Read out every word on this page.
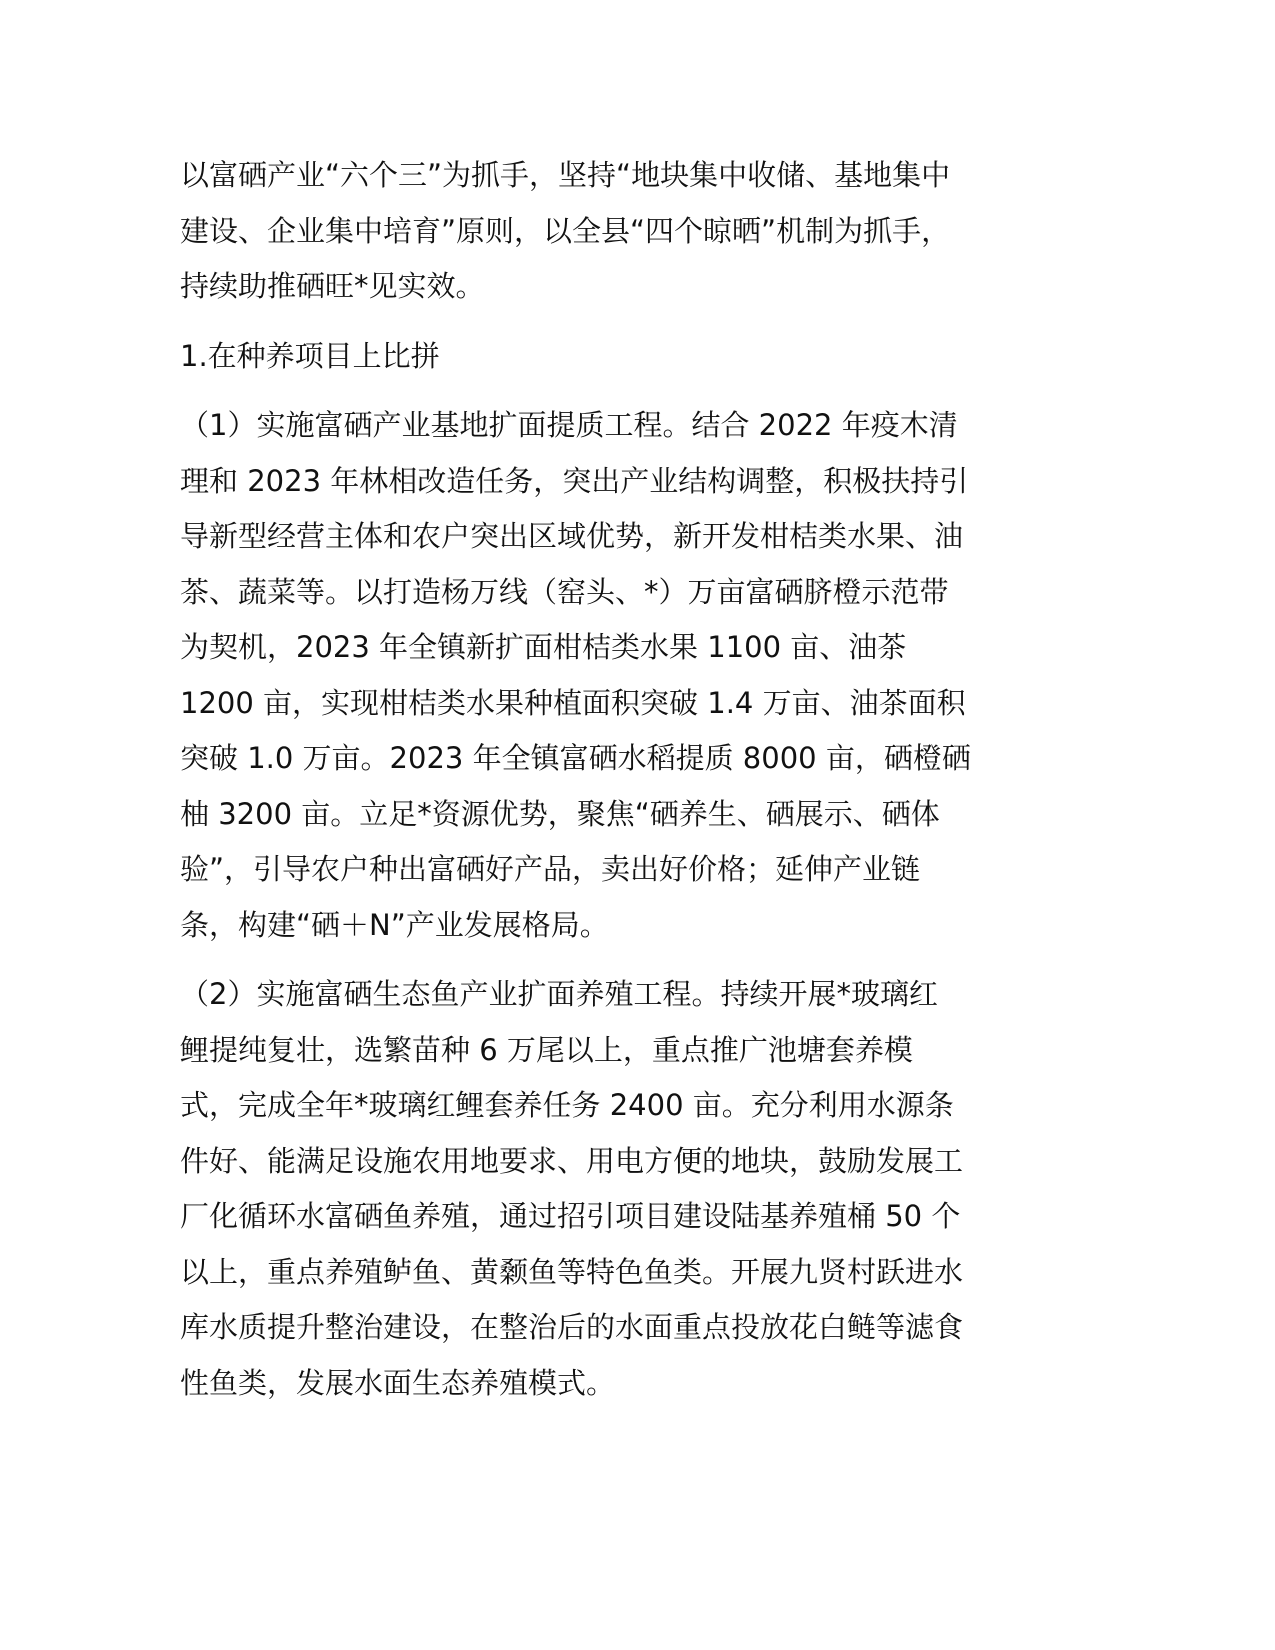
以富硒产业“六个三”为抓手，坚持“地块集中收储、基地集中
建设、企业集中培育”原则，以全县“四个晾晒”机制为抓手，
持续助推硒旺*见实效。

1.在种养项目上比拼

（1）实施富硒产业基地扩面提质工程。结合 2022 年疫木清
理和 2023 年林相改造任务，突出产业结构调整，积极扶持引
导新型经营主体和农户突出区域优势，新开发柑桔类水果、油
茶、蔬菜等。以打造杨万线（窑头、*）万亩富硒脐橙示范带
为契机，2023 年全镇新扩面柑桔类水果 1100 亩、油茶
1200 亩，实现柑桔类水果种植面积突破 1.4 万亩、油茶面积
突破 1.0 万亩。2023 年全镇富硒水稻提质 8000 亩，硒橙硒
柚 3200 亩。立足*资源优势，聚焦“硒养生、硒展示、硒体
验”，引导农户种出富硒好产品，卖出好价格；延伸产业链
条，构建“硒＋N”产业发展格局。

（2）实施富硒生态鱼产业扩面养殖工程。持续开展*玻璃红
鲤提纯复壮，选繁苗种 6 万尾以上，重点推广池塘套养模
式，完成全年*玻璃红鲤套养任务 2400 亩。充分利用水源条
件好、能满足设施农用地要求、用电方便的地块，鼓励发展工
厂化循环水富硒鱼养殖，通过招引项目建设陆基养殖桶 50 个
以上，重点养殖鲈鱼、黄颡鱼等特色鱼类。开展九贤村跃进水
库水质提升整治建设，在整治后的水面重点投放花白鲢等滤食
性鱼类，发展水面生态养殖模式。
